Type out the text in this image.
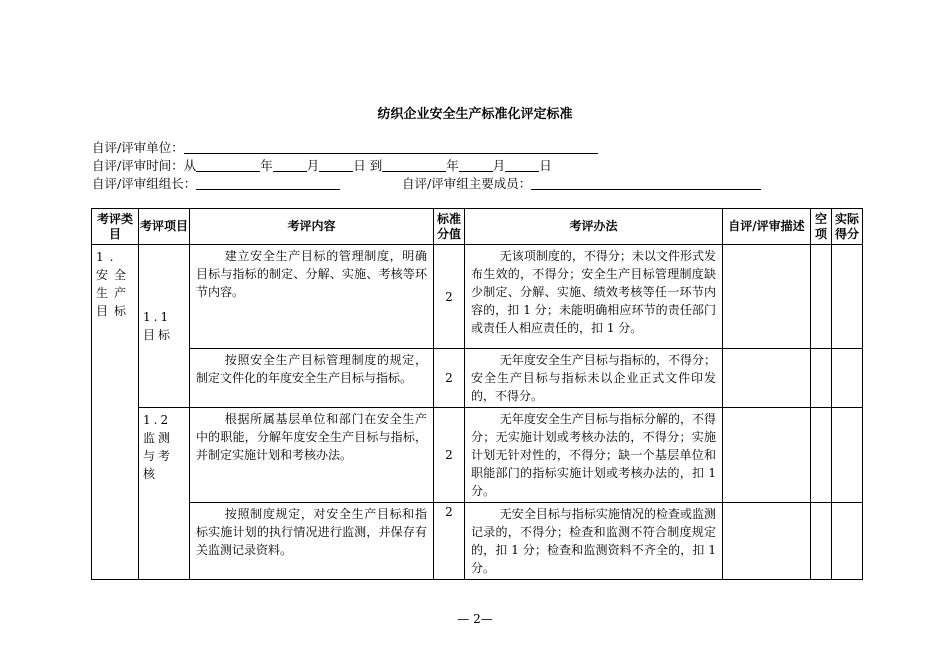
纺织企业安全生产标准化评定标准
自评/评审单位：
自评/评审时间：从	年	月	日 到	年	月	日
自评/评审组组长：	自评/评审组主要成员：
考评类目	考评项目	考评内容	标准分值	考评办法	自评/评审描述	空项	实际得分
1. 安全生产目标	1.1 目标	建立安全生产目标的管理制度，明确目标与指标的制定、分解、实施、考核等环节内容。	2	无该项制度的，不得分；未以文件形式发布生效的，不得分；安全生产目标管理制度缺少制定、分解、实施、绩效考核等任一环节内容的，扣 1 分；未能明确相应环节的责任部门或责任人相应责任的，扣 1 分。			
		按照安全生产目标管理制度的规定，制定文件化的年度安全生产目标与指标。	2	无年度安全生产目标与指标的，不得分；安全生产目标与指标未以企业正式文件印发的，不得分。			
	1.2 监测与考核	根据所属基层单位和部门在安全生产中的职能，分解年度安全生产目标与指标，并制定实施计划和考核办法。	2	无年度安全生产目标与指标分解的，不得分；无实施计划或考核办法的，不得分；实施计划无针对性的，不得分；缺一个基层单位和职能部门的指标实施计划或考核办法的，扣 1 分。			
		按照制度规定，对安全生产目标和指标实施计划的执行情况进行监测，并保存有关监测记录资料。	2	无安全目标与指标实施情况的检查或监测记录的，不得分；检查和监测不符合制度规定的，扣 1 分；检查和监测资料不齐全的，扣 1 分。			
— 2—
